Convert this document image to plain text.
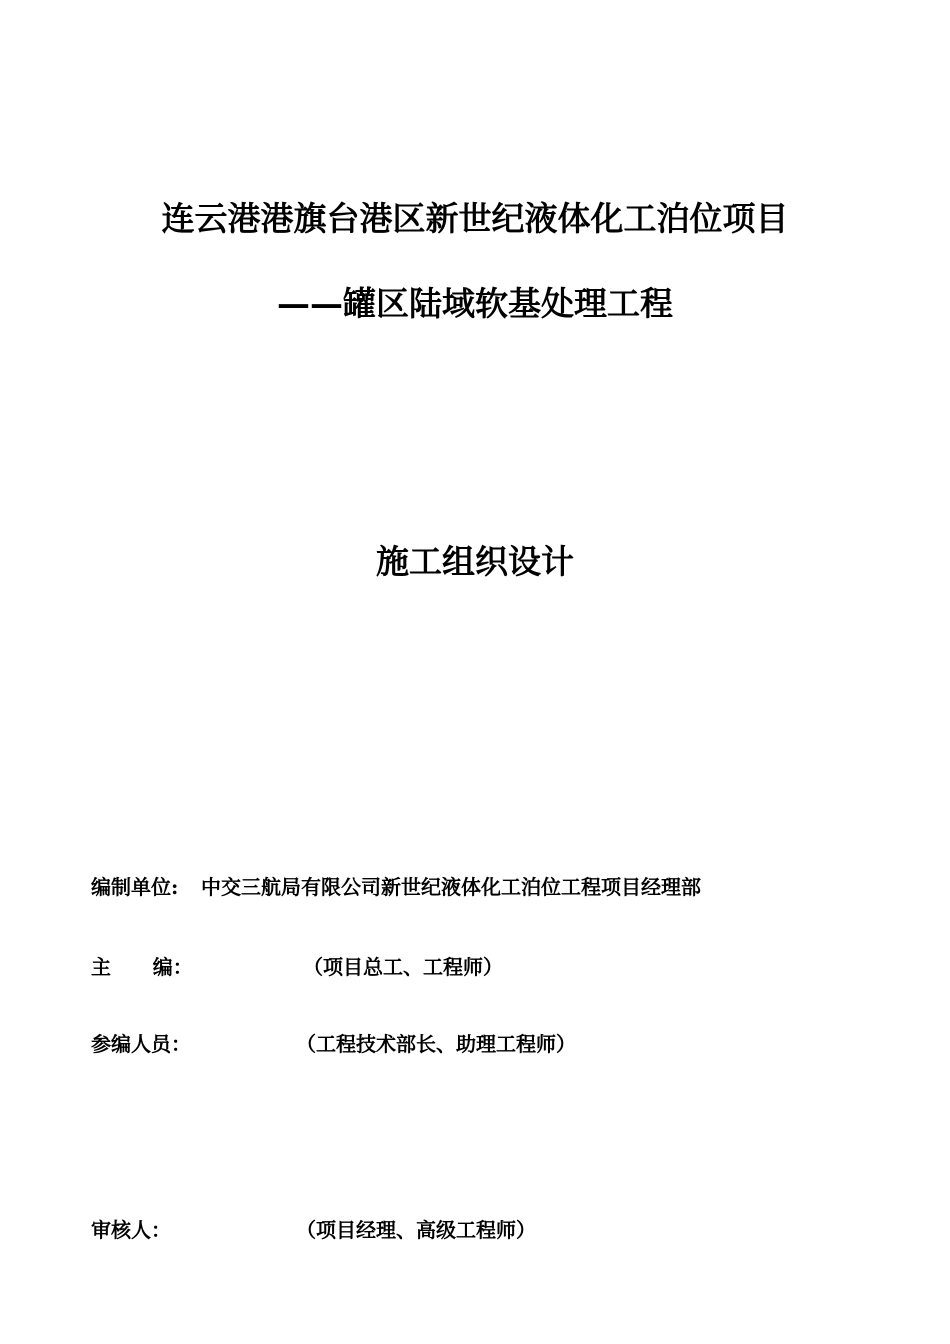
连云港港旗台港区新世纪液体化工泊位项目
——罐区陆域软基处理工程
施工组织设计
编制单位: 中交三航局有限公司新世纪液体化工泊位工程项目经理部
主      编：	（项目总工、工程师）
参编人员：	（工程技术部长、助理工程师）
审核人：	（项目经理、高级工程师）
